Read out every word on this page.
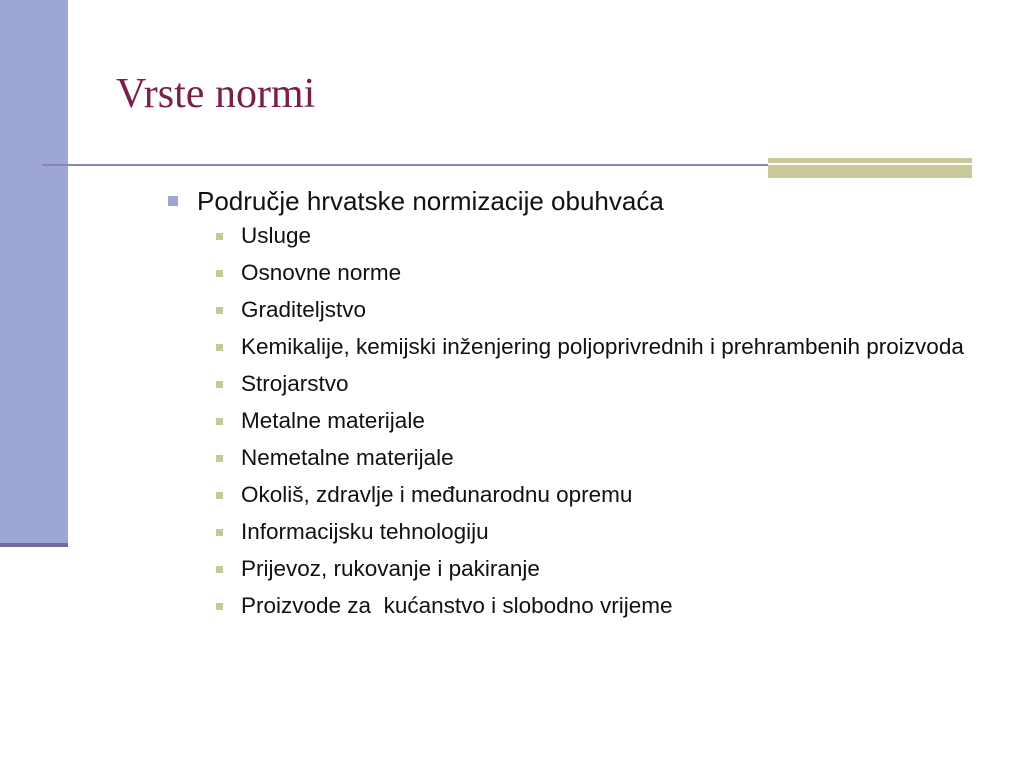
Vrste normi
Područje hrvatske normizacije obuhvaća
Usluge
Osnovne norme
Graditeljstvo
Kemikalije, kemijski inženjering poljoprivrednih i prehrambenih proizvoda
Strojarstvo
Metalne materijale
Nemetalne materijale
Okoliš, zdravlje i međunarodnu opremu
Informacijsku tehnologiju
Prijevoz, rukovanje i pakiranje
Proizvode za  kućanstvo i slobodno vrijeme
